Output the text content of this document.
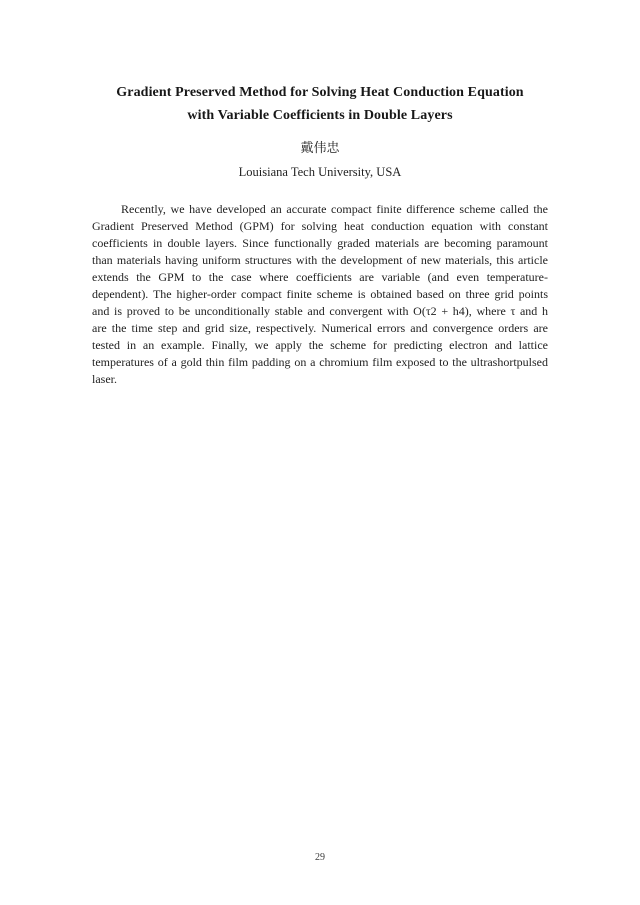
Gradient Preserved Method for Solving Heat Conduction Equation
with Variable Coefficients in Double Layers
戴伟忠
Louisiana Tech University, USA

Recently, we have developed an accurate compact finite difference scheme called the Gradient Preserved Method (GPM) for solving heat conduction equation with constant coefficients in double layers. Since functionally graded materials are becoming paramount than materials having uniform structures with the development of new materials, this article extends the GPM to the case where coefficients are variable (and even temperature-dependent). The higher-order compact finite scheme is obtained based on three grid points and is proved to be unconditionally stable and convergent with O(τ2 + h4), where τ and h are the time step and grid size, respectively. Numerical errors and convergence orders are tested in an example. Finally, we apply the scheme for predicting electron and lattice temperatures of a gold thin film padding on a chromium film exposed to the ultrashortpulsed laser.

29
